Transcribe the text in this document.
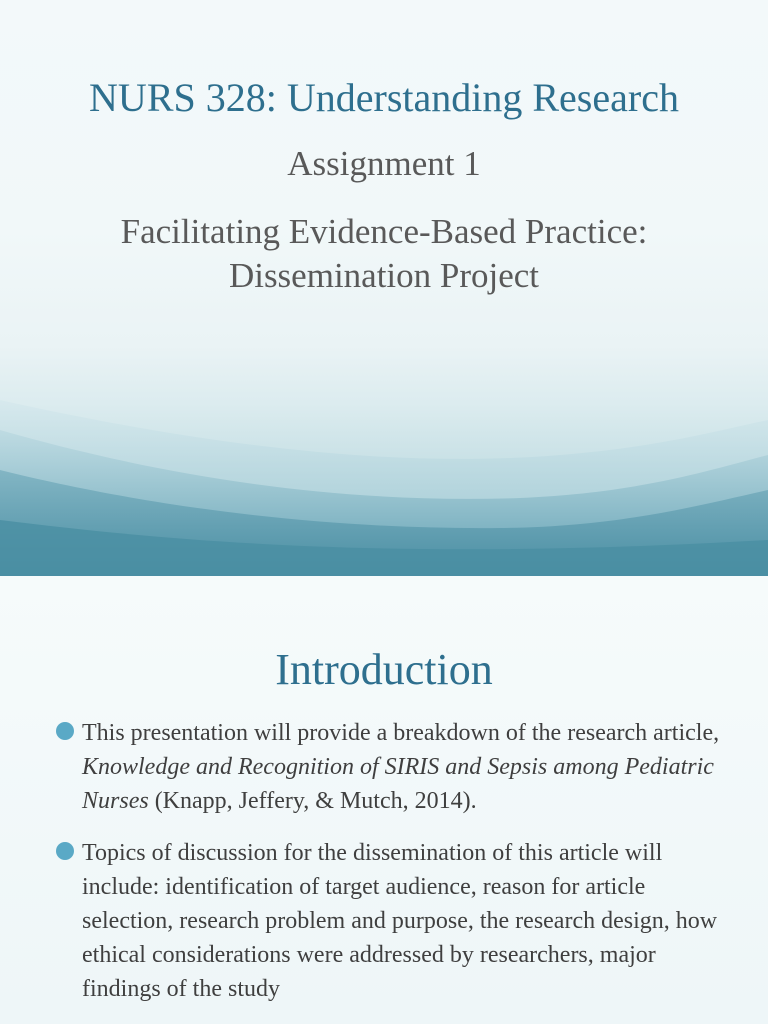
NURS 328: Understanding Research
Assignment 1
Facilitating Evidence-Based Practice:
Dissemination Project
Introduction
This presentation will provide a breakdown of the research article, Knowledge and Recognition of SIRIS and Sepsis among Pediatric Nurses (Knapp, Jeffery, & Mutch, 2014).
Topics of discussion for the dissemination of this article will include: identification of target audience, reason for article selection, research problem and purpose, the research design, how ethical considerations were addressed by researchers, major findings of the study
